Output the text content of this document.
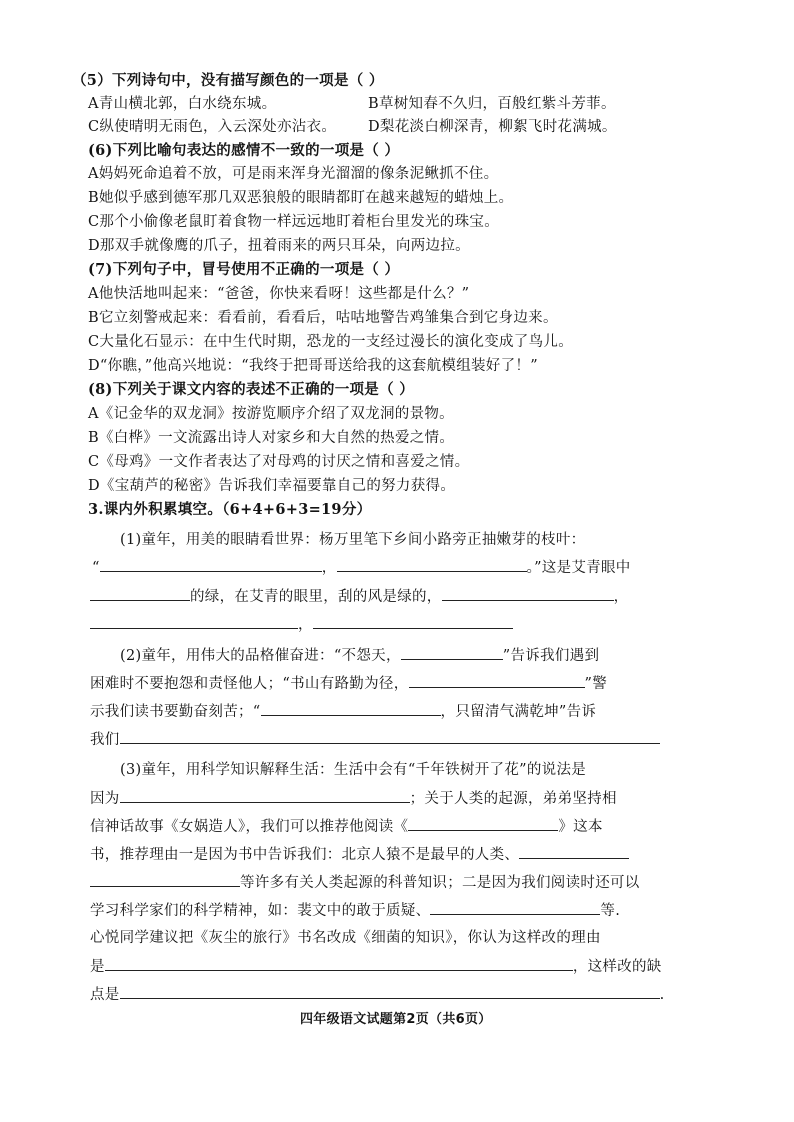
（5）下列诗句中，没有描写颜色的一项是（ ）
A青山横北郭，白水绕东城。	B草树知春不久归，百般红紫斗芳菲。
C纵使晴明无雨色，入云深处亦沾衣。 D梨花淡白柳深青，柳絮飞时花满城。
(6)下列比喻句表达的感情不一致的一项是（ ）
A妈妈死命追着不放，可是雨来浑身光溜溜的像条泥鳅抓不住。
B她似乎感到德军那几双恶狼般的眼睛都盯在越来越短的蜡烛上。
C那个小偷像老鼠盯着食物一样远远地盯着柜台里发光的珠宝。
D那双手就像鹰的爪子，扭着雨来的两只耳朵，向两边拉。
(7)下列句子中，冒号使用不正确的一项是（ ）
A他快活地叫起来：“爸爸，你快来看呀！这些都是什么？”
B它立刻警戒起来：看看前，看看后，咕咕地警告鸡雏集合到它身边来。
C大量化石显示：在中生代时期，恐龙的一支经过漫长的演化变成了鸟儿。
D“你瞧，”他高兴地说：“我终于把哥哥送给我的这套航模组装好了！”
(8)下列关于课文内容的表述不正确的一项是（ ）
A《记金华的双龙洞》按游览顺序介绍了双龙洞的景物。
B《白桦》一文流露出诗人对家乡和大自然的热爱之情。
C《母鸡》一文作者表达了对母鸡的讨厌之情和喜爱之情。
D《宝葫芦的秘密》告诉我们幸福要靠自己的努力获得。
3.课内外积累填空。（6+4+6+3=19分）
(1)童年，用美的眼睛看世界：杨万里笔下乡间小路旁正抽嫩芽的枝叶：
“	，	。”这是艾青眼中
的绿，在艾青的眼里，刮的风是绿的，	，
，
(2)童年，用伟大的品格催奋进：“不怨天，	”告诉我们遇到
困难时不要抱怨和责怪他人；“书山有路勤为径，	”警
示我们读书要勤奋刻苦；“	，只留清气满乾坤”告诉
我们
(3)童年，用科学知识解释生活：生活中会有“千年铁树开了花”的说法是
因为	；关于人类的起源，弟弟坚持相
信神话故事《女娲造人》，我们可以推荐他阅读《	》这本
书，推荐理由一是因为书中告诉我们：北京人猿不是最早的人类、
等许多有关人类起源的科普知识；二是因为我们阅读时还可以
学习科学家们的科学精神，如：裴文中的敢于质疑、	等.
心悦同学建议把《灰尘的旅行》书名改成《细菌的知识》，你认为这样改的理由
是	，这样改的缺
点是	.
四年级语文试题第2页（共6页）
